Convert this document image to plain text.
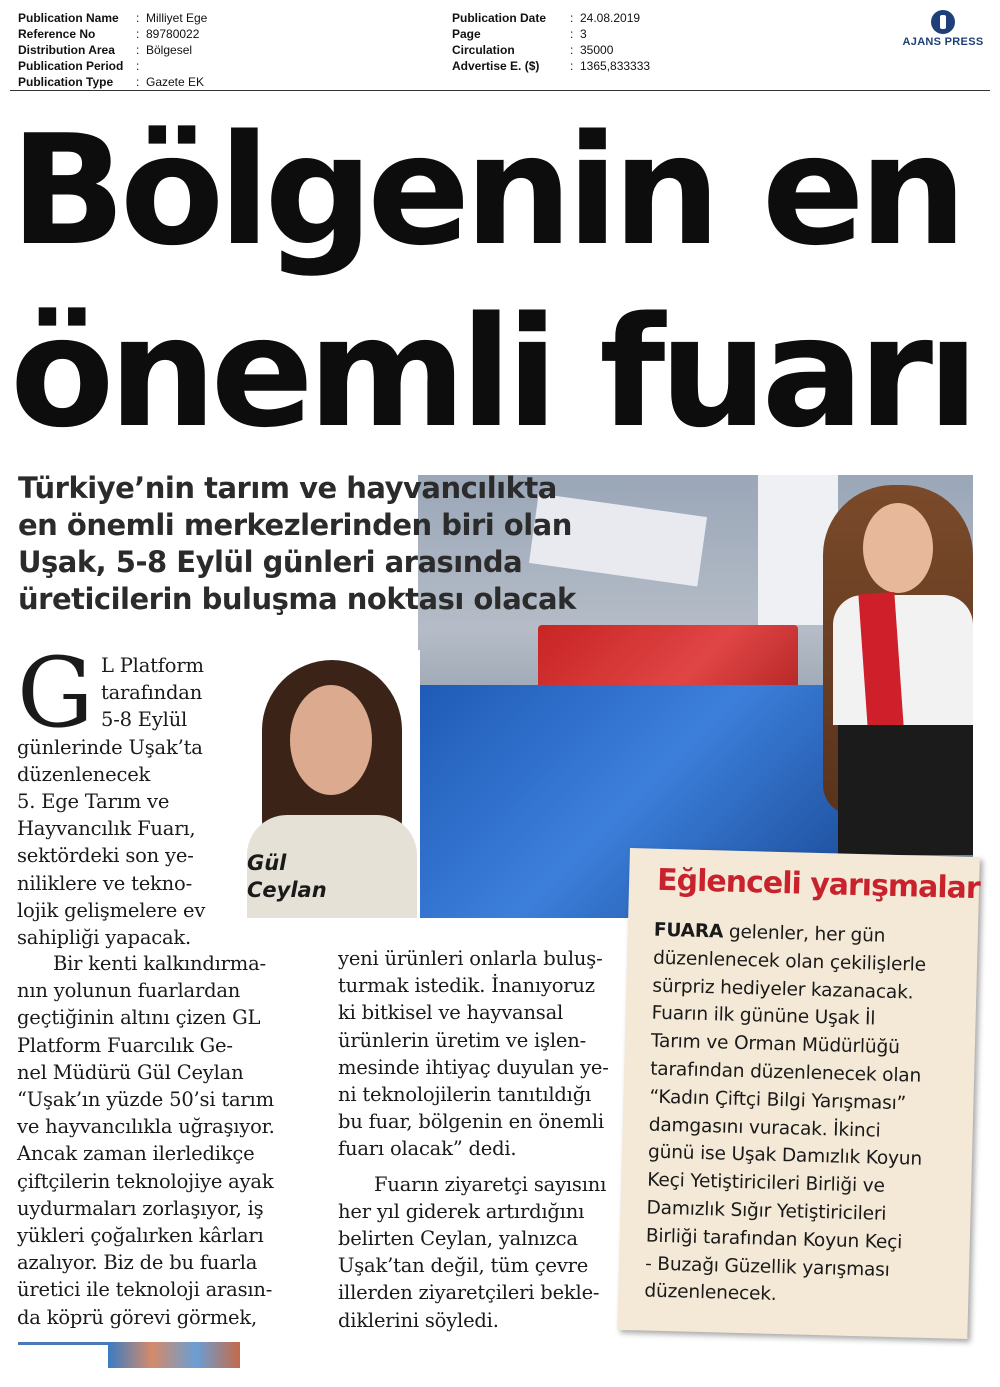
Publication Name	: Milliyet Ege
Reference No	: 89780022
Distribution Area	: Bölgesel
Publication Period	:
Publication Type	: Gazete EK
Publication Date	: 24.08.2019
Page	: 3
Circulation	: 35000
Advertise E. ($)	: 1365,833333
AJANS PRESS
Bölgenin en
önemli fuarı
Türkiye’nin tarım ve hayvancılıkta
en önemli merkezlerinden biri olan
Uşak, 5-8 Eylül günleri arasında
üreticilerin buluşma noktası olacak
Gül
Ceylan
G L Platform
tarafından
5-8 Eylül
günlerinde Uşak’ta
düzenlenecek
5. Ege Tarım ve
Hayvancılık Fuarı,
sektördeki son ye-
niliklere ve tekno-
lojik gelişmelere ev
sahipliği yapacak.
Bir kenti kalkındırma-
nın yolunun fuarlardan
geçtiğinin altını çizen GL
Platform Fuarcılık Ge-
nel Müdürü Gül Ceylan
“Uşak’ın yüzde 50’si tarım
ve hayvancılıkla uğraşıyor.
Ancak zaman ilerledikçe
çiftçilerin teknolojiye ayak
uydurmaları zorlaşıyor, iş
yükleri çoğalırken kârları
azalıyor. Biz de bu fuarla
üretici ile teknoloji arasın-
da köprü görevi görmek,
yeni ürünleri onlarla buluş-
turmak istedik. İnanıyoruz
ki bitkisel ve hayvansal
ürünlerin üretim ve işlen-
mesinde ihtiyaç duyulan ye-
ni teknolojilerin tanıtıldığı
bu fuar, bölgenin en önemli
fuarı olacak” dedi.
Fuarın ziyaretçi sayısını
her yıl giderek artırdığını
belirten Ceylan, yalnızca
Uşak’tan değil, tüm çevre
illerden ziyaretçileri bekle-
diklerini söyledi.
Eğlenceli yarışmalar
FUARA gelenler, her gün
düzenlenecek olan çekilişlerle
sürpriz hediyeler kazanacak.
Fuarın ilk gününe Uşak İl
Tarım ve Orman Müdürlüğü
tarafından düzenlenecek olan
“Kadın Çiftçi Bilgi Yarışması”
damgasını vuracak. İkinci
günü ise Uşak Damızlık Koyun
Keçi Yetiştiricileri Birliği ve
Damızlık Sığır Yetiştiricileri
Birliği tarafından Koyun Keçi
- Buzağı Güzellik yarışması
düzenlenecek.
